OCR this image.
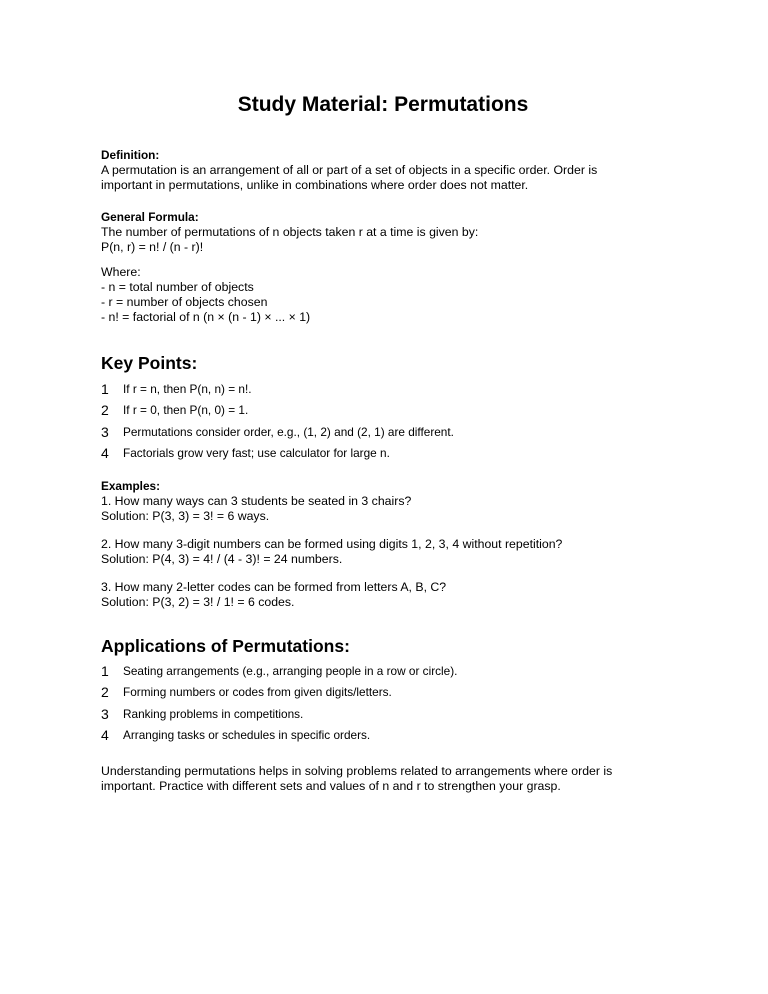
Study Material: Permutations
Definition:
A permutation is an arrangement of all or part of a set of objects in a specific order. Order is
important in permutations, unlike in combinations where order does not matter.
General Formula:
The number of permutations of n objects taken r at a time is given by:
P(n, r) = n! / (n - r)!
Where:
- n = total number of objects
- r = number of objects chosen
- n! = factorial of n (n × (n - 1) × ... × 1)
Key Points:
1 If r = n, then P(n, n) = n!.
2 If r = 0, then P(n, 0) = 1.
3 Permutations consider order, e.g., (1, 2) and (2, 1) are different.
4 Factorials grow very fast; use calculator for large n.
Examples:
1. How many ways can 3 students be seated in 3 chairs?
Solution: P(3, 3) = 3! = 6 ways.
2. How many 3-digit numbers can be formed using digits 1, 2, 3, 4 without repetition?
Solution: P(4, 3) = 4! / (4 - 3)! = 24 numbers.
3. How many 2-letter codes can be formed from letters A, B, C?
Solution: P(3, 2) = 3! / 1! = 6 codes.
Applications of Permutations:
1 Seating arrangements (e.g., arranging people in a row or circle).
2 Forming numbers or codes from given digits/letters.
3 Ranking problems in competitions.
4 Arranging tasks or schedules in specific orders.
Understanding permutations helps in solving problems related to arrangements where order is
important. Practice with different sets and values of n and r to strengthen your grasp.
